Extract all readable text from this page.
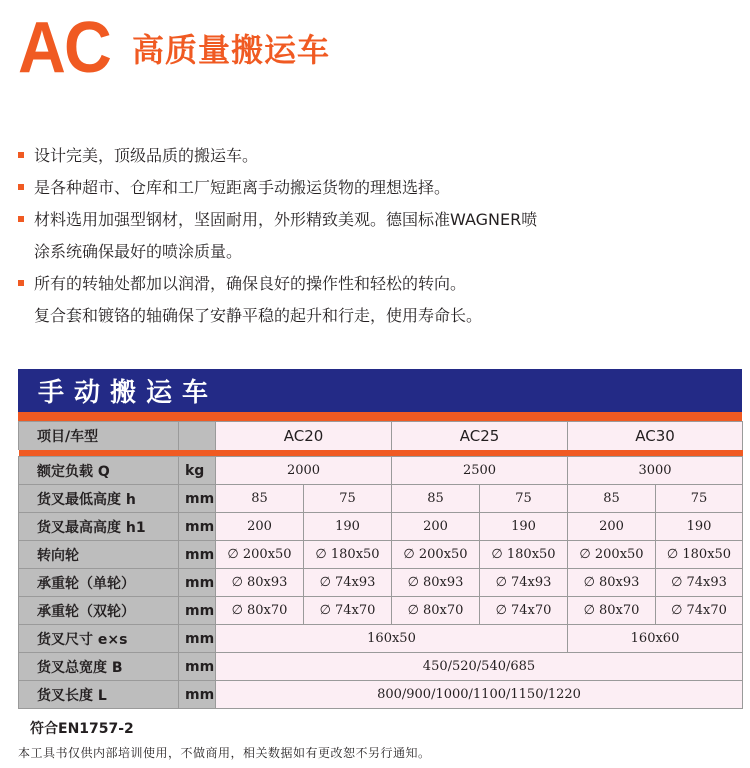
AC 高质量搬运车
设计完美，顶级品质的搬运车。
是各种超市、仓库和工厂短距离手动搬运货物的理想选择。
材料选用加强型钢材，坚固耐用，外形精致美观。德国标准WAGNER喷
涂系统确保最好的喷涂质量。
所有的转轴处都加以润滑，确保良好的操作性和轻松的转向。
复合套和镀铬的轴确保了安静平稳的起升和行走，使用寿命长。
手动搬运车
项目/车型		AC20		AC25		AC30		

额定负载 Q	kg	2000		2500		3000		
货叉最低高度 h	mm	85	75	85	75	85	75	
货叉最高高度 h1	mm	200	190	200	190	200	190	
转向轮	mm	∅ 200x50	∅ 180x50	∅ 200x50	∅ 180x50	∅ 200x50	∅ 180x50	
承重轮（单轮）	mm	∅ 80x93	∅ 74x93	∅ 80x93	∅ 74x93	∅ 80x93	∅ 74x93	
承重轮（双轮）	mm	∅ 80x70	∅ 74x70	∅ 80x70	∅ 74x70	∅ 80x70	∅ 74x70	
货叉尺寸 e×s	mm	160x50				160x60		
货叉总宽度 B	mm	450/520/540/685						
货叉长度 L	mm	800/900/1000/1100/1150/1220						
符合EN1757-2
本工具书仅供内部培训使用，不做商用，相关数据如有更改恕不另行通知。
